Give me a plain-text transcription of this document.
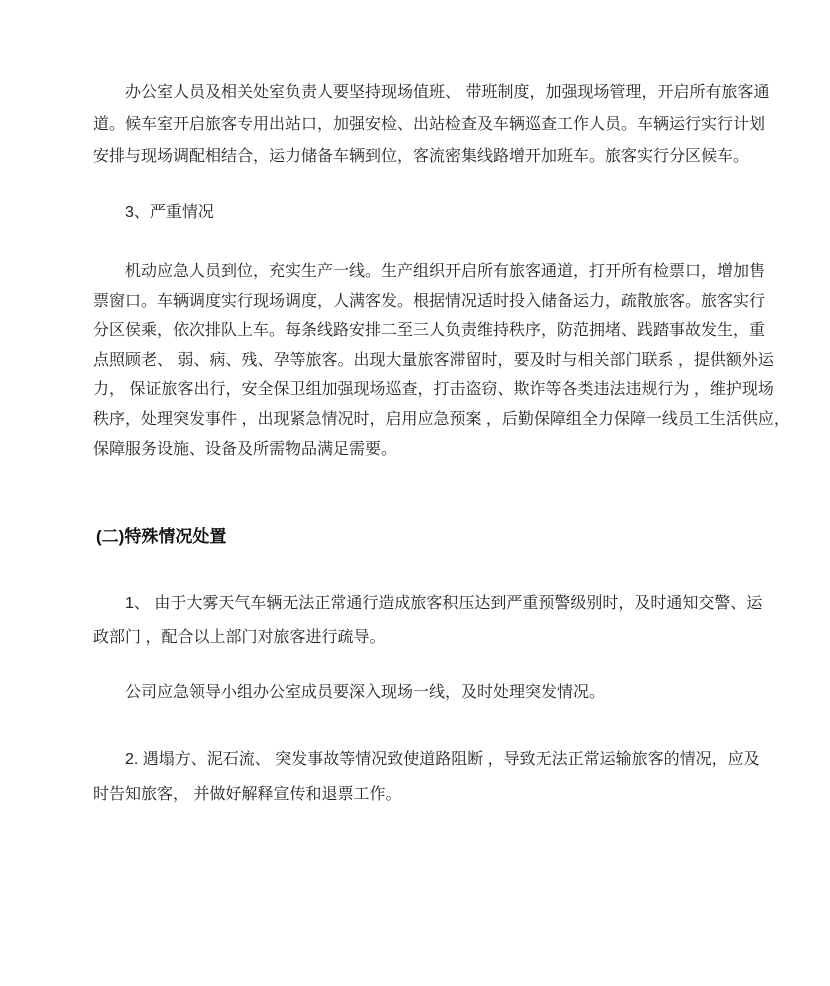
办公室人员及相关处室负责人要坚持现场值班、 带班制度，加强现场管理，开启所有旅客通
道。候车室开启旅客专用出站口，加强安检、出站检查及车辆巡查工作人员。车辆运行实行计划
安排与现场调配相结合，运力储备车辆到位，客流密集线路增开加班车。旅客实行分区候车。
3、严重情况
机动应急人员到位，充实生产一线。生产组织开启所有旅客通道，打开所有检票口，增加售
票窗口。车辆调度实行现场调度，人满客发。根据情况适时投入储备运力，疏散旅客。旅客实行
分区侯乘，依次排队上车。每条线路安排二至三人负责维持秩序，防范拥堵、践踏事故发生，重
点照顾老、 弱、病、残、孕等旅客。出现大量旅客滞留时，要及时与相关部门联系 ，提供额外运
力， 保证旅客出行，安全保卫组加强现场巡查，打击盗窃、欺诈等各类违法违规行为 ，维护现场
秩序，处理突发事件 ，出现紧急情况时，启用应急预案 ，后勤保障组全力保障一线员工生活供应，
保障服务设施、设备及所需物品满足需要。
(二)特殊情况处置
1、 由于大雾天气车辆无法正常通行造成旅客积压达到严重预警级别时，及时通知交警、运
政部门 ，配合以上部门对旅客进行疏导。
公司应急领导小组办公室成员要深入现场一线，及时处理突发情况。
2. 遇塌方、泥石流、 突发事故等情况致使道路阻断 ，导致无法正常运输旅客的情况，应及
时告知旅客， 并做好解释宣传和退票工作。
